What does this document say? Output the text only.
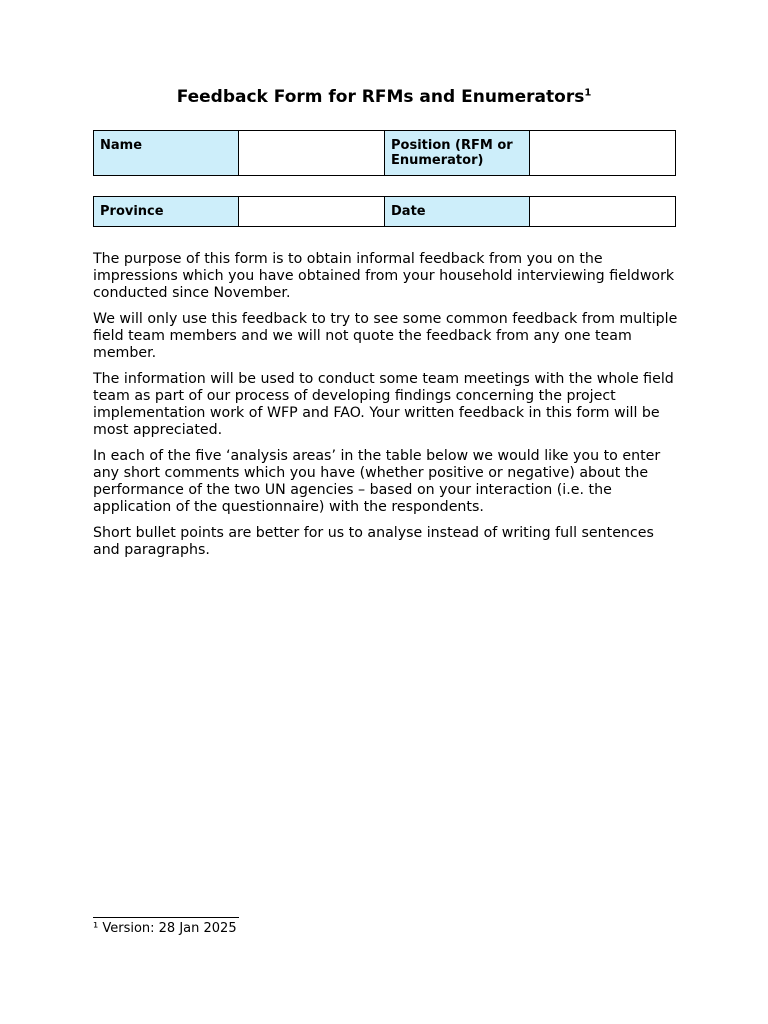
Feedback Form for RFMs and Enumerators$^1$
Name		Position (RFM or Enumerator)	
Province		Date	

The purpose of this form is to obtain informal feedback from you on the impressions which you have obtained from your household interviewing fieldwork conducted since November.

We will only use this feedback to try to see some common feedback from multiple field team members and we will not quote the feedback from any one team member.

The information will be used to conduct some team meetings with the whole field team as part of our process of developing findings concerning the project implementation work of WFP and FAO. Your written feedback in this form will be most appreciated.

In each of the five ‘analysis areas’ in the table below we would like you to enter any short comments which you have (whether positive or negative) about the performance of the two UN agencies – based on your interaction (i.e. the application of the questionnaire) with the respondents.

Short bullet points are better for us to analyse instead of writing full sentences and paragraphs.

¹ Version: 28 Jan 2025
